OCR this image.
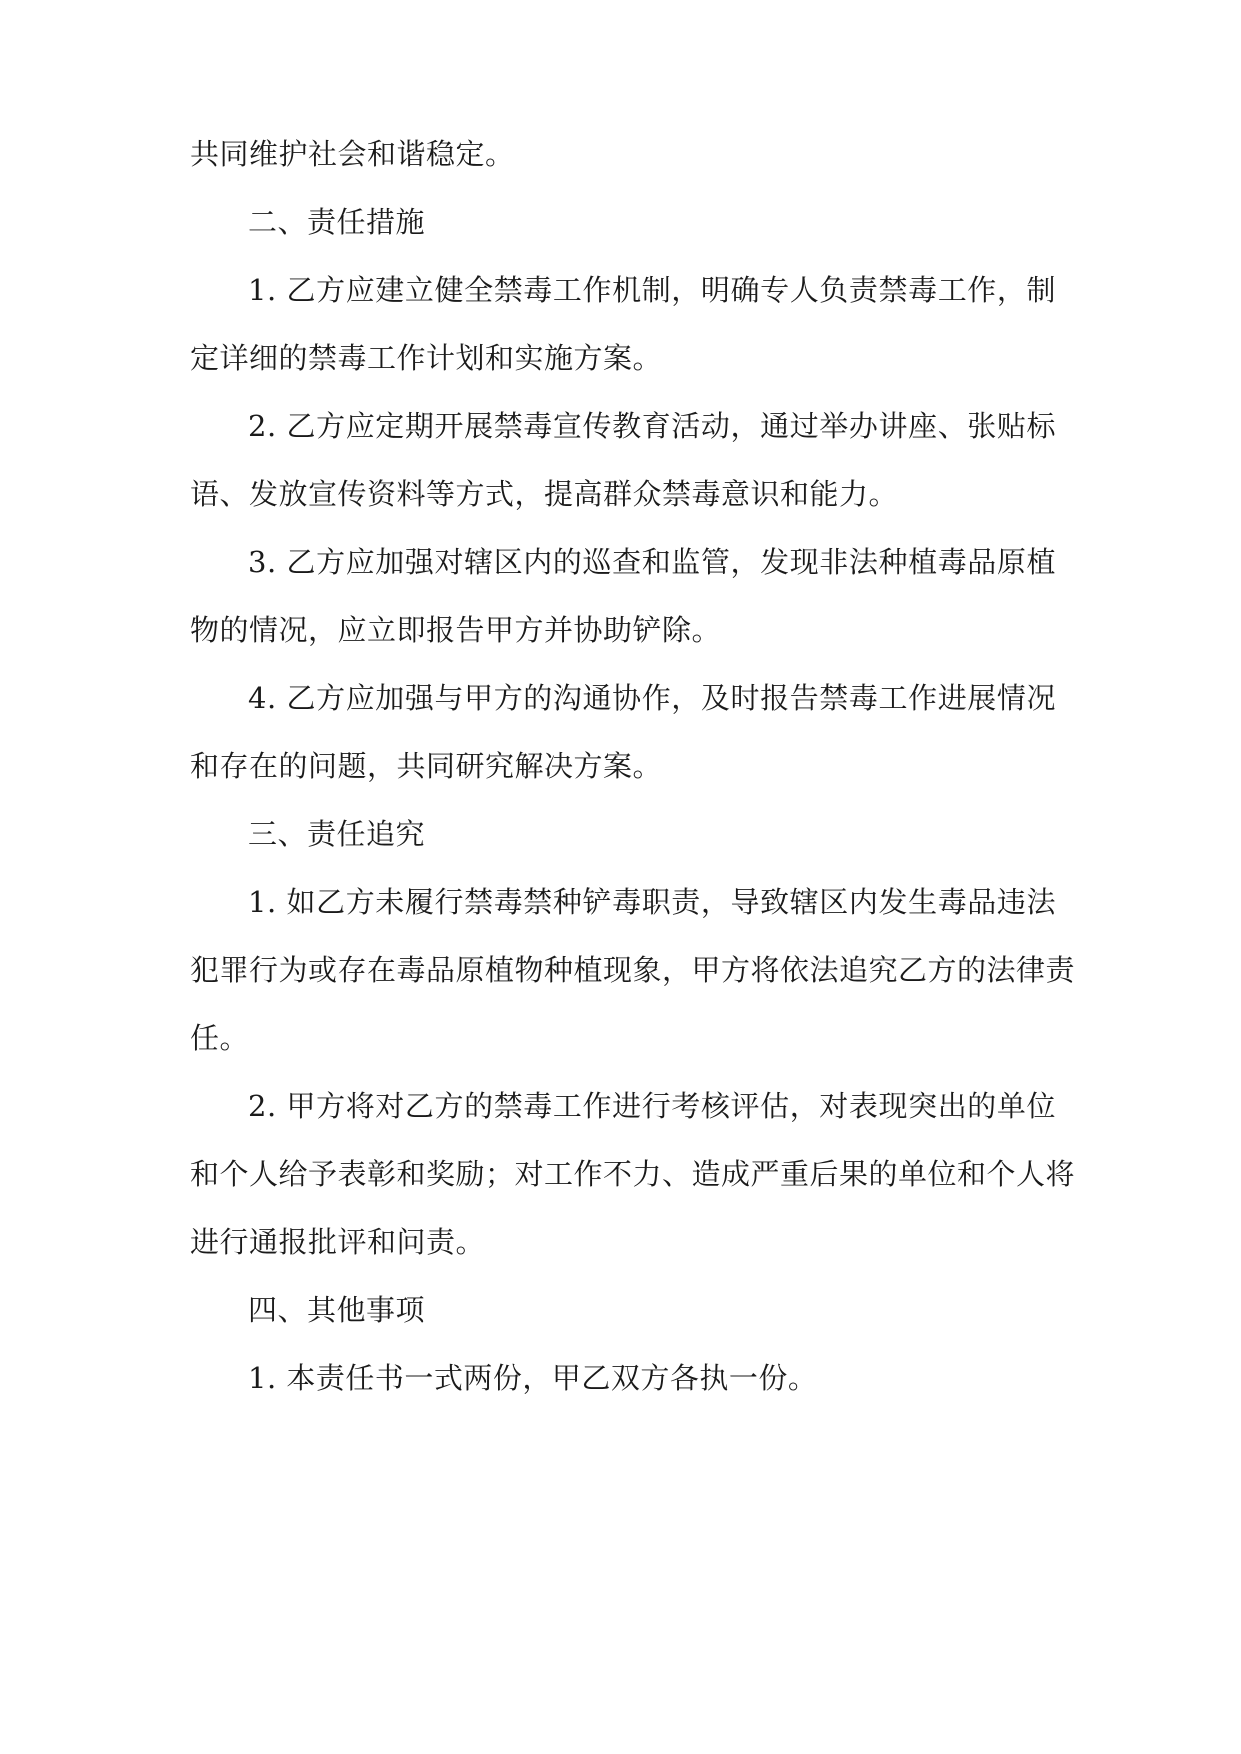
共同维护社会和谐稳定。
二、责任措施
1. 乙方应建立健全禁毒工作机制，明确专人负责禁毒工作，制
定详细的禁毒工作计划和实施方案。
2. 乙方应定期开展禁毒宣传教育活动，通过举办讲座、张贴标
语、发放宣传资料等方式，提高群众禁毒意识和能力。
3. 乙方应加强对辖区内的巡查和监管，发现非法种植毒品原植
物的情况，应立即报告甲方并协助铲除。
4. 乙方应加强与甲方的沟通协作，及时报告禁毒工作进展情况
和存在的问题，共同研究解决方案。
三、责任追究
1. 如乙方未履行禁毒禁种铲毒职责，导致辖区内发生毒品违法
犯罪行为或存在毒品原植物种植现象，甲方将依法追究乙方的法律责
任。
2. 甲方将对乙方的禁毒工作进行考核评估，对表现突出的单位
和个人给予表彰和奖励；对工作不力、造成严重后果的单位和个人将
进行通报批评和问责。
四、其他事项
1. 本责任书一式两份，甲乙双方各执一份。
